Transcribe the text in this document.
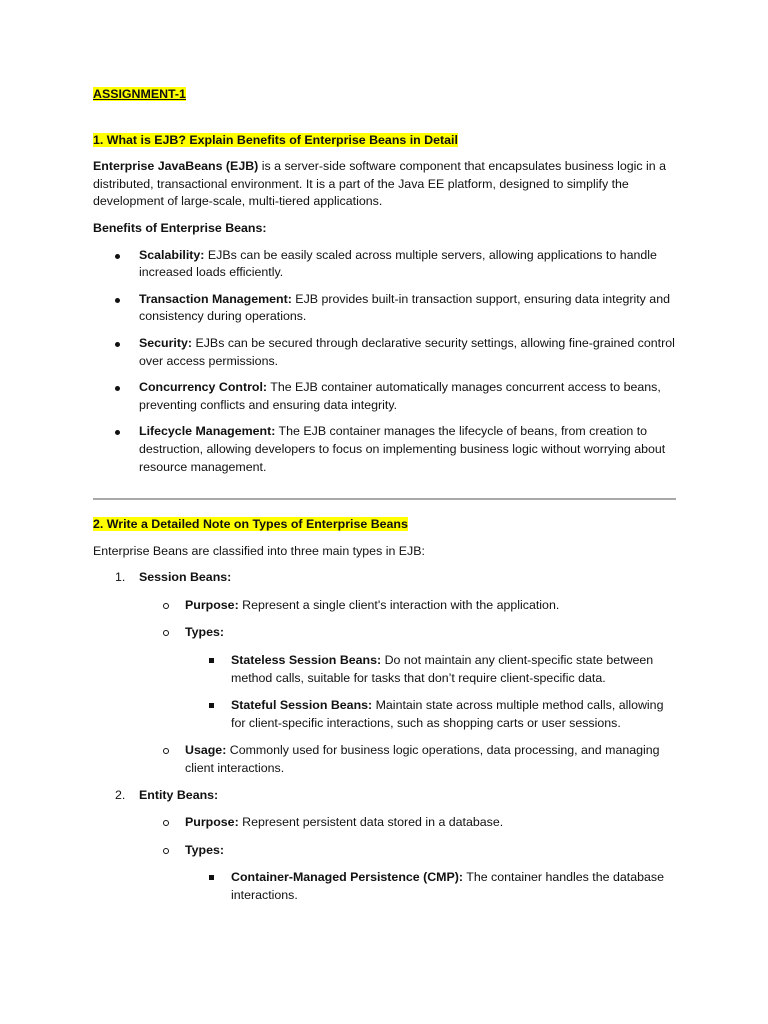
ASSIGNMENT-1

1. What is EJB? Explain Benefits of Enterprise Beans in Detail

Enterprise JavaBeans (EJB) is a server-side software component that encapsulates business logic in a distributed, transactional environment. It is a part of the Java EE platform, designed to simplify the development of large-scale, multi-tiered applications.

Benefits of Enterprise Beans:

Scalability: EJBs can be easily scaled across multiple servers, allowing applications to handle increased loads efficiently.
Transaction Management: EJB provides built-in transaction support, ensuring data integrity and consistency during operations.
Security: EJBs can be secured through declarative security settings, allowing fine-grained control over access permissions.
Concurrency Control: The EJB container automatically manages concurrent access to beans, preventing conflicts and ensuring data integrity.
Lifecycle Management: The EJB container manages the lifecycle of beans, from creation to destruction, allowing developers to focus on implementing business logic without worrying about resource management.

2. Write a Detailed Note on Types of Enterprise Beans

Enterprise Beans are classified into three main types in EJB:

1. Session Beans:
Purpose: Represent a single client's interaction with the application.
Types:
Stateless Session Beans: Do not maintain any client-specific state between method calls, suitable for tasks that don’t require client-specific data.
Stateful Session Beans: Maintain state across multiple method calls, allowing for client-specific interactions, such as shopping carts or user sessions.
Usage: Commonly used for business logic operations, data processing, and managing client interactions.
2. Entity Beans:
Purpose: Represent persistent data stored in a database.
Types:
Container-Managed Persistence (CMP): The container handles the database interactions.
